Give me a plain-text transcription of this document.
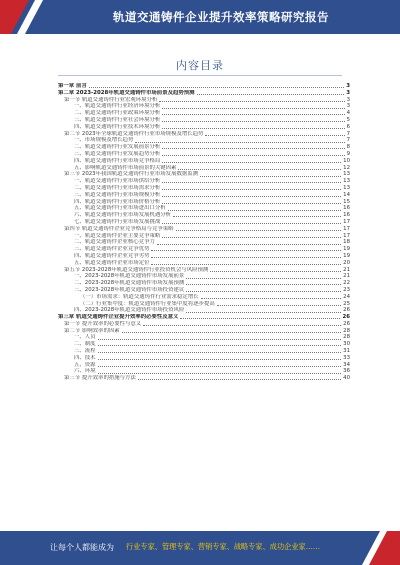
轨道交通铸件企业提升效率策略研究报告
内容目录
第一章 前言	3
第二章 2023-2028年轨道交通铸件市场前景及趋势预测	3
第一节 轨道交通铸件行业宏观环境分析	3
一、轨道交通铸件行业经济环境分析	3
二、轨道交通铸件行业政策环境分析	4
三、轨道交通铸件行业社会环境分析	5
四、轨道交通铸件行业技术环境分析	6
第二节 2023年全球轨道交通铸件行业市场规模及增长趋势	7
一、市场规模及增长趋势	7
二、轨道交通铸件行业发展前景分析	8
三、轨道交通铸件行业发展趋势分析	9
四、轨道交通铸件行业市场竞争格局	10
五、影响轨道交通铸件市场前景的关键因素	12
第三节 2023年我国轨道交通铸件行业市场发展数据监测	13
一、轨道交通铸件行业市场供给分析	13
二、轨道交通铸件行业市场需求分析	13
三、轨道交通铸件行业市场规模分析	14
四、轨道交通铸件行业市场价格分析	15
五、轨道交通铸件行业市场进出口分析	16
六、轨道交通铸件行业市场发展机遇分析	16
七、轨道交通铸件行业市场发展挑战	17
第四节 轨道交通铸件企业竞争格局与竞争策略	17
一、轨道交通铸件企业主要竞争策略	17
二、轨道交通铸件企业核心竞争力	18
三、轨道交通铸件企业竞争优势	19
四、轨道交通铸件企业竞争劣势	19
五、轨道交通铸件企业市场定位	20
第五节 2023-2028年轨道交通铸件行业投资机会与风险预测	21
一、2023-2028年轨道交通铸件市场发展前景	21
二、2023-2028年轨道交通铸件市场发展预测	22
三、2023-2028年轨道交通铸件市场投资建议	23
（一）市场需求：轨道交通铸件行业需求稳定增长	24
（二）行业集中度：轨道交通铸件行业集中度将逐步提高	25
四、2023-2028年轨道交通铸件市场投资风险	26
第三章 轨道交通铸件企业提升效率的必要性及意义	26
第一节 提升效率的必要性与意义	26
第二节 影响效率的因素	28
一、人员	28
二、制度	30
三、流程	31
四、技术	33
五、资源	34
六、环境	36
第三节 提升效率的措施与方法	40
让每个人都能成为 行业专家、管理专家、营销专家、战略专家、成功企业家……
